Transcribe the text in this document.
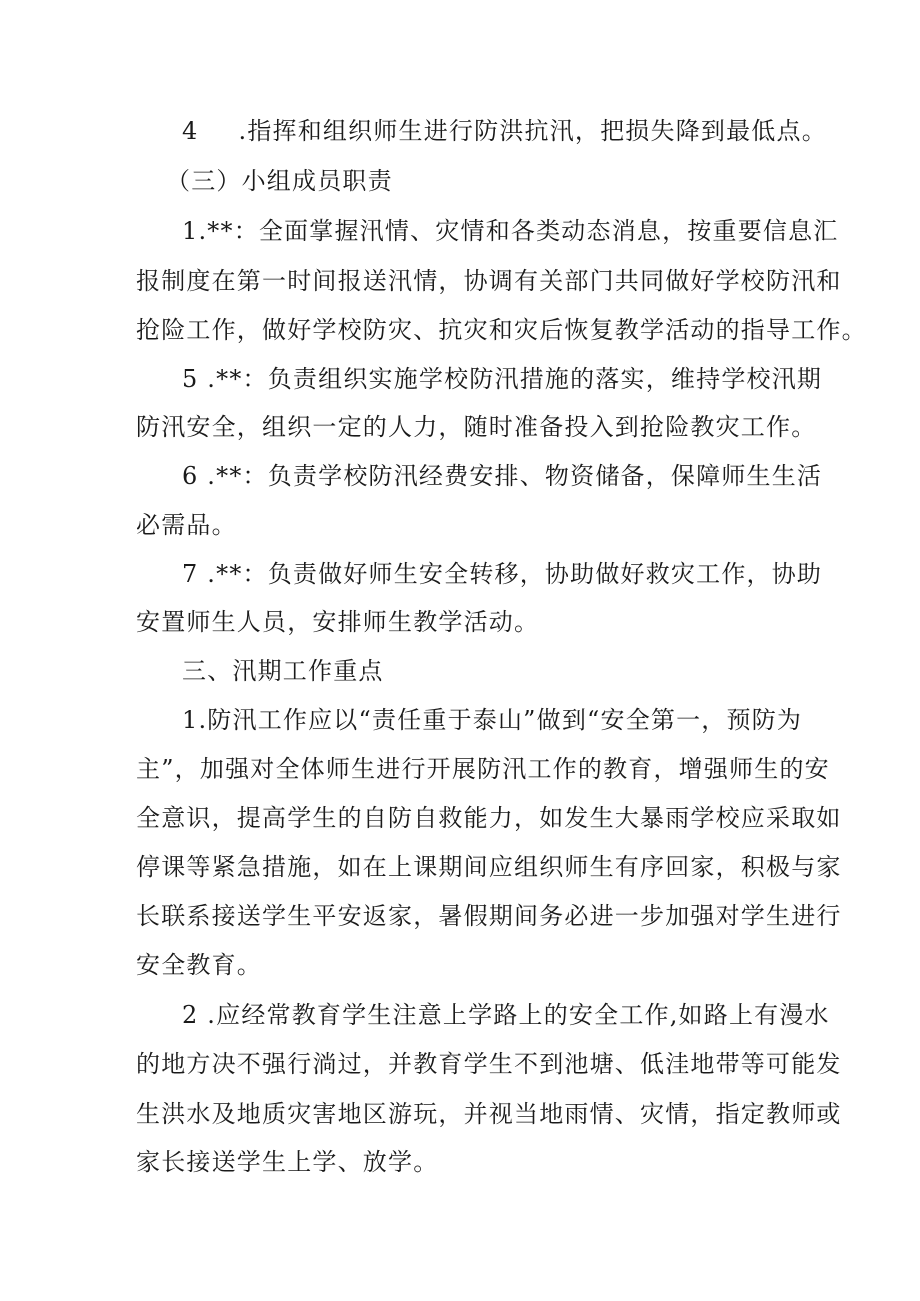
4 .指挥和组织师生进行防洪抗汛，把损失降到最低点。
（三）小组成员职责
1.**：全面掌握汛情、灾情和各类动态消息，按重要信息汇
报制度在第一时间报送汛情，协调有关部门共同做好学校防汛和
抢险工作，做好学校防灾、抗灾和灾后恢复教学活动的指导工作。
5 .**：负责组织实施学校防汛措施的落实，维持学校汛期
防汛安全，组织一定的人力，随时准备投入到抢险教灾工作。
6 .**：负责学校防汛经费安排、物资储备，保障师生生活
必需品。
7 .**：负责做好师生安全转移，协助做好救灾工作，协助
安置师生人员，安排师生教学活动。
三、汛期工作重点
1.防汛工作应以“责任重于泰山”做到“安全第一，预防为
主”，加强对全体师生进行开展防汛工作的教育，增强师生的安
全意识，提高学生的自防自救能力，如发生大暴雨学校应采取如
停课等紧急措施，如在上课期间应组织师生有序回家，积极与家
长联系接送学生平安返家，暑假期间务必进一步加强对学生进行
安全教育。
2 .应经常教育学生注意上学路上的安全工作,如路上有漫水
的地方决不强行淌过，并教育学生不到池塘、低洼地带等可能发
生洪水及地质灾害地区游玩，并视当地雨情、灾情，指定教师或
家长接送学生上学、放学。
